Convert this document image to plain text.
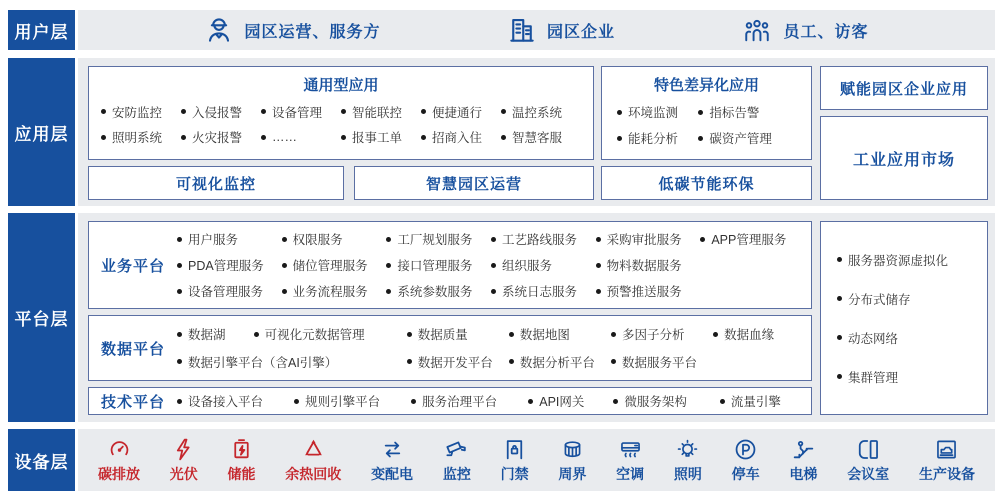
用户层	园区运营、服务方	园区企业	员工、访客
应用层
通用型应用
安防监控 入侵报警 设备管理 智能联控 便捷通行 温控系统
照明系统 火灾报警 ……	报事工单 招商入住 智慧客服
特色差异化应用
环境监测	指标告警
能耗分析	碳资产管理
赋能园区企业应用
工业应用市场
可视化监控	智慧园区运营	低碳节能环保
平台层
业务平台
用户服务	权限服务	工厂规划服务 工艺路线服务 采购审批服务 APP管理服务
PDA管理服务 储位管理服务 接口管理服务 组织服务	物料数据服务
设备管理服务 业务流程服务 系统参数服务 系统日志服务 预警推送服务
数据平台
数据湖	可视化元数据管理	数据质量	数据地图	多因子分析	数据血缘
数据引擎平台（含AI引擎）	数据开发平台 数据分析平台 数据服务平台
技术平台	设备接入平台	规则引擎平台	服务治理平台	API网关	微服务架构	流量引擎
服务器资源虚拟化
分布式储存
动态网络
集群管理
设备层
碳排放 光伏 储能 余热回收 变配电 监控 门禁 周界 空调 照明 停车 电梯 会议室 生产设备
